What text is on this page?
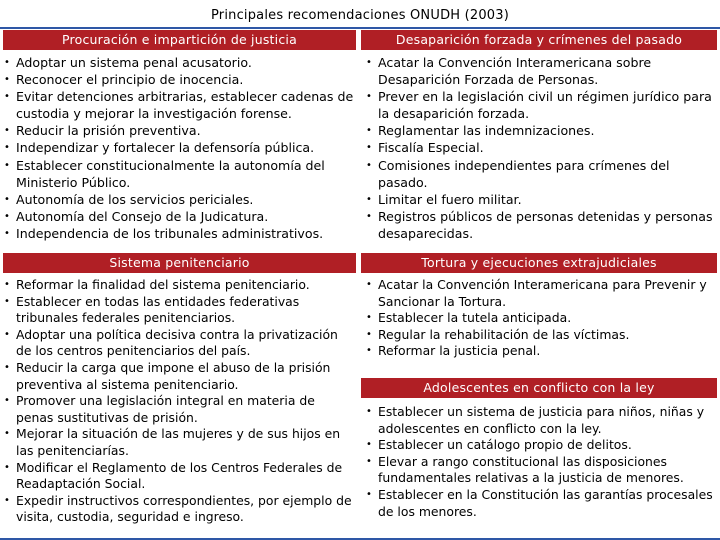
Principales recomendaciones ONUDH (2003)
Procuración e impartición de justicia
• Adoptar un sistema penal acusatorio.
• Reconocer el principio de inocencia.
• Evitar detenciones arbitrarias, establecer cadenas de custodia y mejorar la investigación forense.
• Reducir la prisión preventiva.
• Independizar y fortalecer la defensoría pública.
• Establecer constitucionalmente la autonomía del Ministerio Público.
• Autonomía de los servicios periciales.
• Autonomía del Consejo de la Judicatura.
• Independencia de los tribunales administrativos.
Desaparición forzada y crímenes del pasado
• Acatar la Convención Interamericana sobre Desaparición Forzada de Personas.
• Prever en la legislación civil un régimen jurídico para la desaparición forzada.
• Reglamentar las indemnizaciones.
• Fiscalía Especial.
• Comisiones independientes para crímenes del pasado.
• Limitar el fuero militar.
• Registros públicos de personas detenidas y personas desaparecidas.
Sistema penitenciario
• Reformar la finalidad del sistema penitenciario.
• Establecer en todas las entidades federativas tribunales federales penitenciarios.
• Adoptar una política decisiva contra la privatización de los centros penitenciarios del país.
• Reducir la carga que impone el abuso de la prisión preventiva al sistema penitenciario.
• Promover una legislación integral en materia de penas sustitutivas de prisión.
• Mejorar la situación de las mujeres y de sus hijos en las penitenciarías.
• Modificar el Reglamento de los Centros Federales de Readaptación Social.
• Expedir instructivos correspondientes, por ejemplo de visita, custodia, seguridad e ingreso.
Tortura y ejecuciones extrajudiciales
• Acatar la Convención Interamericana para Prevenir y Sancionar la Tortura.
• Establecer la tutela anticipada.
• Regular la rehabilitación de las víctimas.
• Reformar la justicia penal.
Adolescentes en conflicto con la ley
• Establecer un sistema de justicia para niños, niñas y adolescentes en conflicto con la ley.
• Establecer un catálogo propio de delitos.
• Elevar a rango constitucional las disposiciones fundamentales relativas a la justicia de menores.
• Establecer en la Constitución las garantías procesales de los menores.
